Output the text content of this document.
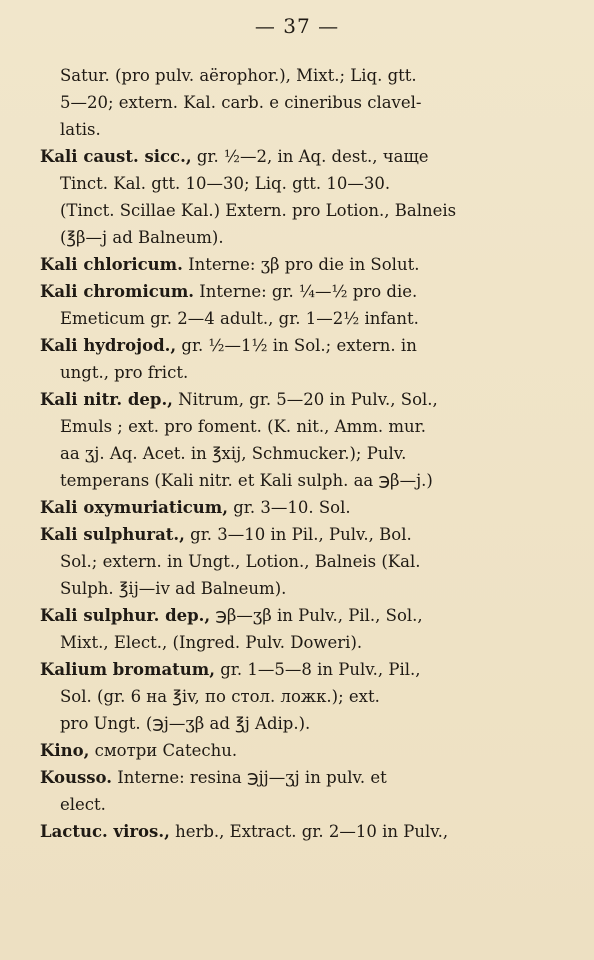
— 37 —
Satur. (pro pulv. aërophor.), Mixt.; Liq. gtt.
5—20; extern. Kal. carb. e cineribus clavel-
latis.
Kali caust. sicc., gr. ½—2, in Aq. dest., чаще
Tinct. Kal. gtt. 10—30; Liq. gtt. 10—30.
(Tinct. Scillae Kal.) Extern. pro Lotion., Balneis
(℥β—j ad Balneum).
Kali chloricum. Interne: ʒβ pro die in Solut.
Kali chromicum. Interne: gr. ¼—½ pro die.
Emeticum gr. 2—4 adult., gr. 1—2½ infant.
Kali hydrojod., gr. ½—1½ in Sol.; extern. in
ungt., pro frict.
Kali nitr. dep., Nitrum, gr. 5—20 in Pulv., Sol.,
Emuls ; ext. pro foment. (K. nit., Amm. mur.
aa ʒj. Aq. Acet. in ℥xij, Schmucker.); Pulv.
temperans (Kali nitr. et Kali sulph. aa ℈β—j.)
Kali oxymuriaticum, gr. 3—10. Sol.
Kali sulphurat., gr. 3—10 in Pil., Pulv., Bol.
Sol.; extern. in Ungt., Lotion., Balneis (Kal.
Sulph. ℥ij—iv ad Balneum).
Kali sulphur. dep., ℈β—ʒβ in Pulv., Pil., Sol.,
Mixt., Elect., (Ingred. Pulv. Doweri).
Kalium bromatum, gr. 1—5—8 in Pulv., Pil.,
Sol. (gr. 6 на ℥iv, по стол. ложк.); ext.
pro Ungt. (℈j—ʒβ ad ℥j Adip.).
Kino, смотри Catechu.
Kousso. Interne: resina ℈jj—ʒj in pulv. et
elect.
Lactuc. viros., herb., Extract. gr. 2—10 in Pulv.,
